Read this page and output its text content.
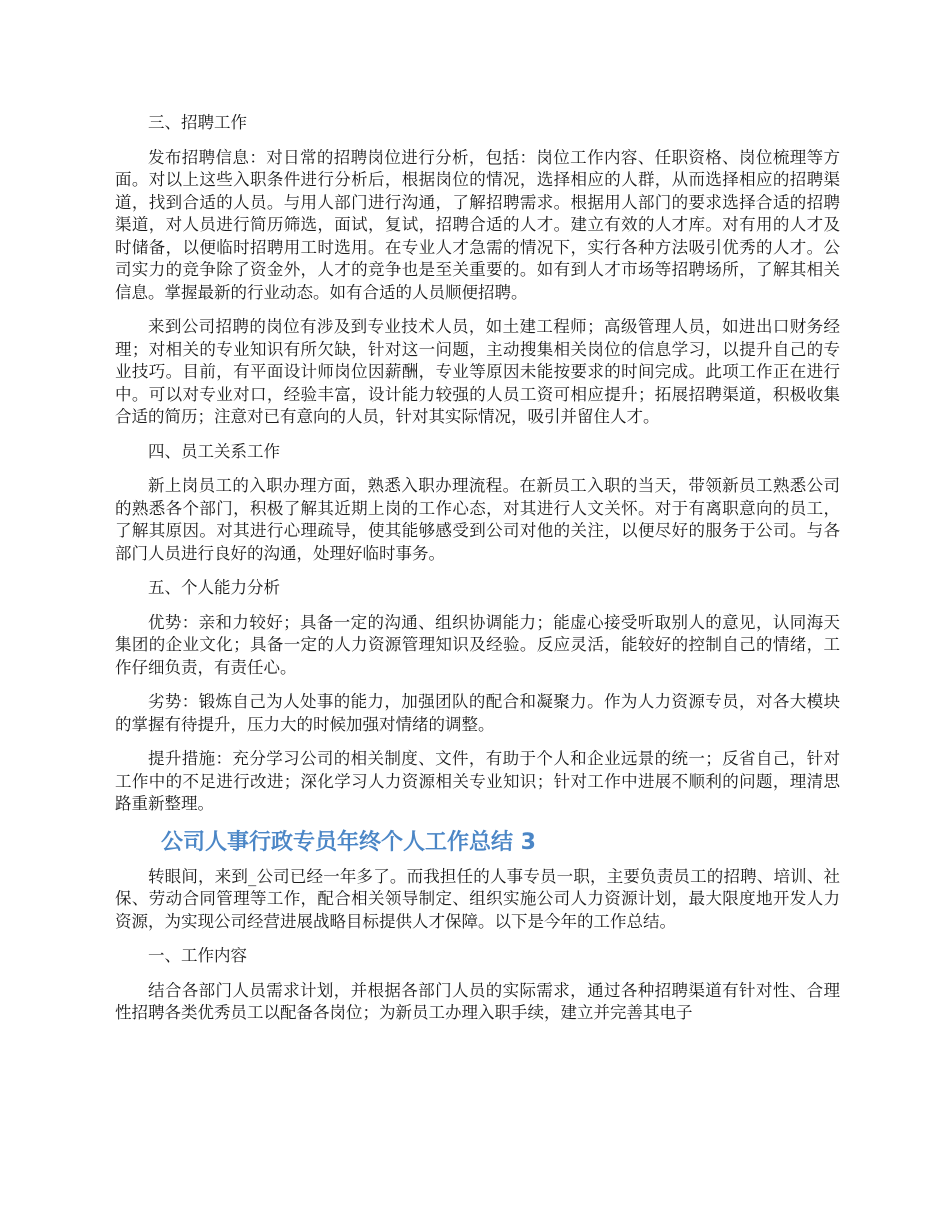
三、招聘工作

发布招聘信息：对日常的招聘岗位进行分析，包括：岗位工作内容、任职资格、岗位梳理等方面。对以上这些入职条件进行分析后，根据岗位的情况，选择相应的人群，从而选择相应的招聘渠道，找到合适的人员。与用人部门进行沟通，了解招聘需求。根据用人部门的要求选择合适的招聘渠道，对人员进行简历筛选，面试，复试，招聘合适的人才。建立有效的人才库。对有用的人才及时储备，以便临时招聘用工时选用。在专业人才急需的情况下，实行各种方法吸引优秀的人才。公司实力的竞争除了资金外，人才的竞争也是至关重要的。如有到人才市场等招聘场所，了解其相关信息。掌握最新的行业动态。如有合适的人员顺便招聘。

来到公司招聘的岗位有涉及到专业技术人员，如土建工程师；高级管理人员，如进出口财务经理；对相关的专业知识有所欠缺，针对这一问题，主动搜集相关岗位的信息学习，以提升自己的专业技巧。目前，有平面设计师岗位因薪酬，专业等原因未能按要求的时间完成。此项工作正在进行中。可以对专业对口，经验丰富，设计能力较强的人员工资可相应提升；拓展招聘渠道，积极收集合适的简历；注意对已有意向的人员，针对其实际情况，吸引并留住人才。

四、员工关系工作

新上岗员工的入职办理方面，熟悉入职办理流程。在新员工入职的当天，带领新员工熟悉公司的熟悉各个部门，积极了解其近期上岗的工作心态，对其进行人文关怀。对于有离职意向的员工，了解其原因。对其进行心理疏导，使其能够感受到公司对他的关注，以便尽好的服务于公司。与各部门人员进行良好的沟通，处理好临时事务。

五、个人能力分析

优势：亲和力较好；具备一定的沟通、组织协调能力；能虚心接受听取别人的意见，认同海天集团的企业文化；具备一定的人力资源管理知识及经验。反应灵活，能较好的控制自己的情绪，工作仔细负责，有责任心。

劣势：锻炼自己为人处事的能力，加强团队的配合和凝聚力。作为人力资源专员，对各大模块的掌握有待提升，压力大的时候加强对情绪的调整。

提升措施：充分学习公司的相关制度、文件，有助于个人和企业远景的统一；反省自己，针对工作中的不足进行改进；深化学习人力资源相关专业知识；针对工作中进展不顺利的问题，理清思路重新整理。

公司人事行政专员年终个人工作总结 3

转眼间，来到_公司已经一年多了。而我担任的人事专员一职，主要负责员工的招聘、培训、社保、劳动合同管理等工作，配合相关领导制定、组织实施公司人力资源计划，最大限度地开发人力资源，为实现公司经营进展战略目标提供人才保障。以下是今年的工作总结。

一、工作内容

结合各部门人员需求计划，并根据各部门人员的实际需求，通过各种招聘渠道有针对性、合理性招聘各类优秀员工以配备各岗位；为新员工办理入职手续，建立并完善其电子
